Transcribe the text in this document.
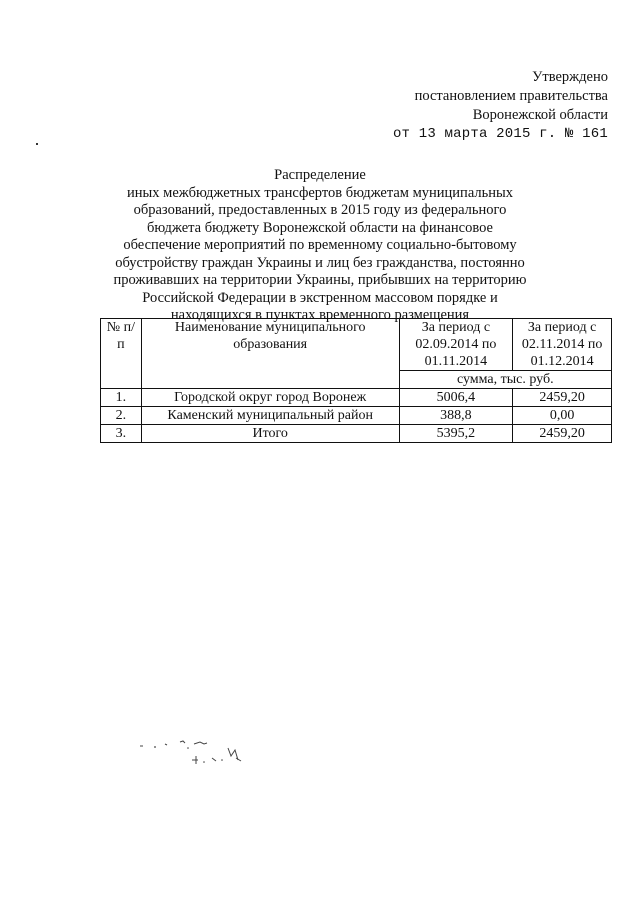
Утверждено
постановлением правительства
Воронежской области
от 13 марта 2015 г. № 161
Распределение
иных межбюджетных трансфертов бюджетам муниципальных образований, предоставленных в 2015 году из федерального бюджета бюджету Воронежской области на финансовое обеспечение мероприятий по временному социально-бытовому обустройству граждан Украины и лиц без гражданства, постоянно проживавших на территории Украины, прибывших на территорию Российской Федерации в экстренном массовом порядке и находящихся в пунктах временного размещения
№ п/п	Наименование муниципального образования	За период с 02.09.2014 по 01.11.2014	За период с 02.11.2014 по 01.12.2014
		сумма, тыс. руб.	
1.	Городской округ город Воронеж	5006,4	2459,20
2.	Каменский муниципальный район	388,8	0,00
3.	Итого	5395,2	2459,20
